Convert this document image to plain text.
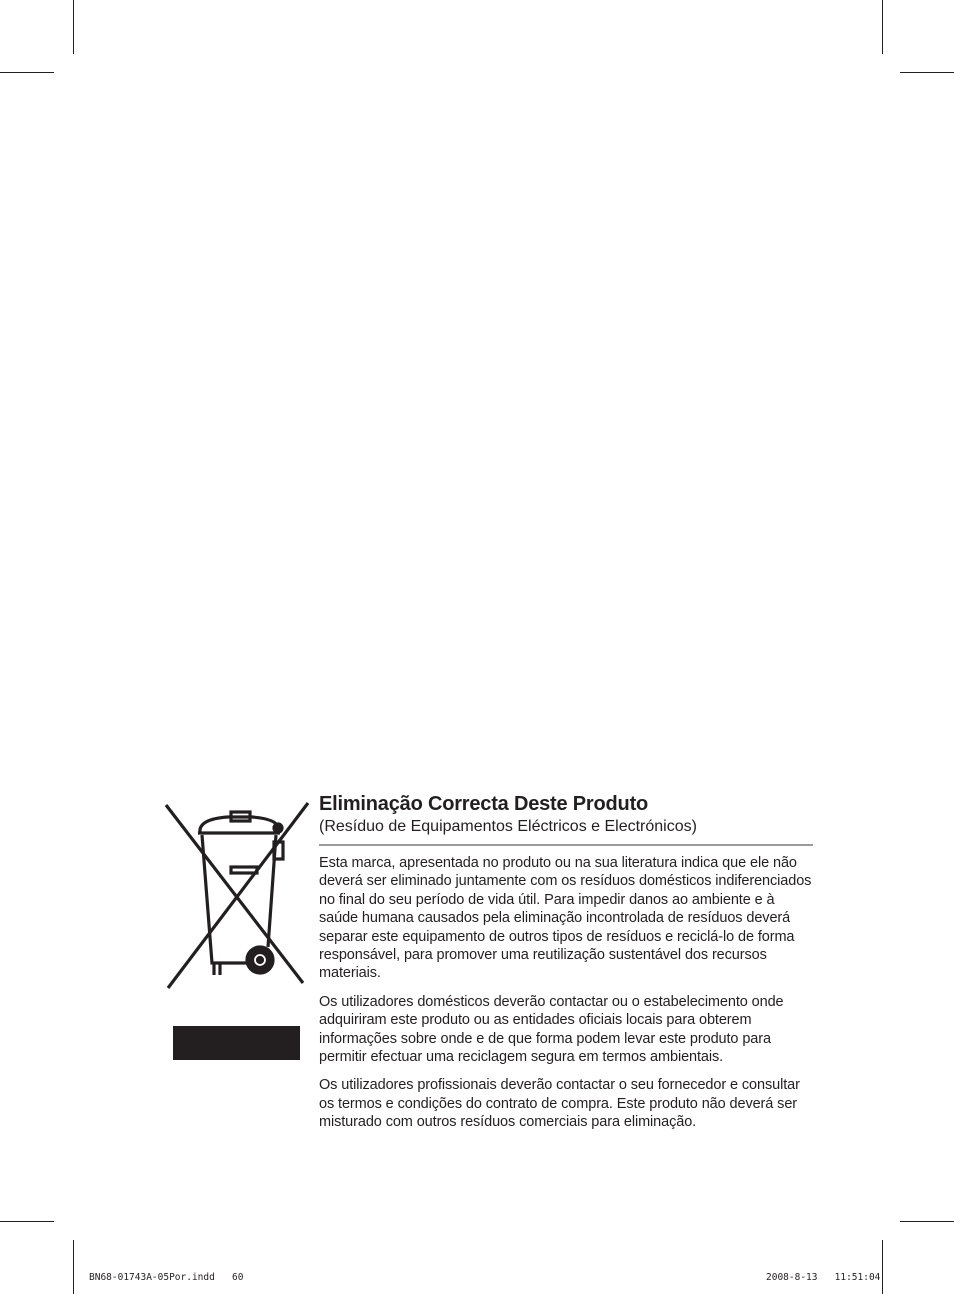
Eliminação Correcta Deste Produto
(Resíduo de Equipamentos Eléctricos e Electrónicos)

Esta marca, apresentada no produto ou na sua literatura indica que ele não deverá ser eliminado juntamente com os resíduos domésticos indiferenciados no final do seu período de vida útil. Para impedir danos ao ambiente e à saúde humana causados pela eliminação incontrolada de resíduos deverá separar este equipamento de outros tipos de resíduos e reciclá-lo de forma responsável, para promover uma reutilização sustentável dos recursos materiais.

Os utilizadores domésticos deverão contactar ou o estabelecimento onde adquiriram este produto ou as entidades oficiais locais para obterem informações sobre onde e de que forma podem levar este produto para permitir efectuar uma reciclagem segura em termos ambientais.

Os utilizadores profissionais deverão contactar o seu fornecedor e consultar os termos e condições do contrato de compra. Este produto não deverá ser misturado com outros resíduos comerciais para eliminação.

BN68-01743A-05Por.indd   60	2008-8-13   11:51:04
